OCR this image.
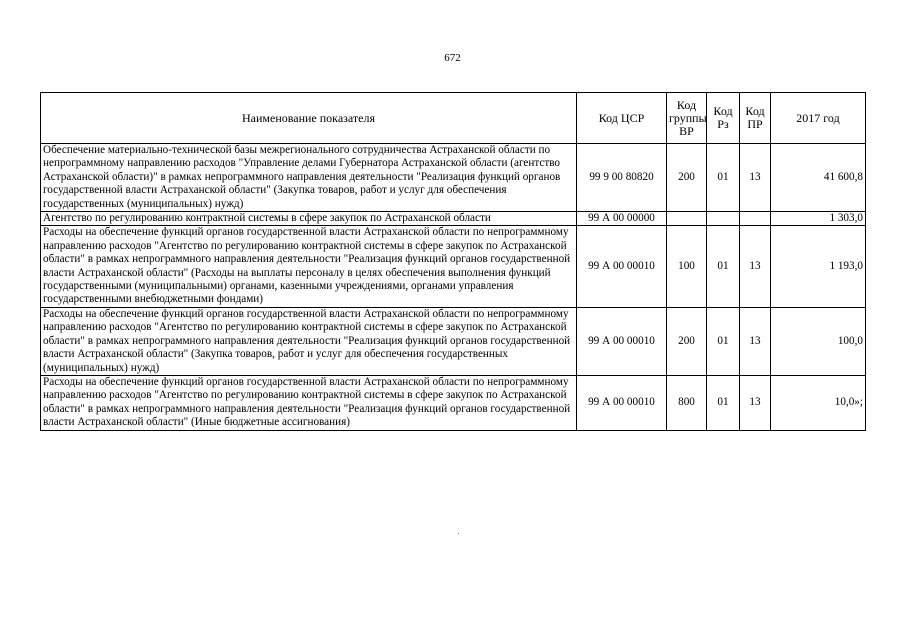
672
Наименование показателя	Код ЦСР	Код группы ВР	Код Рз	Код ПР	2017 год
Обеспечение материально-технической базы межрегионального сотрудничества Астраханской области по непрограммному направлению расходов "Управление делами Губернатора Астраханской области (агентство Астраханской области)" в рамках непрограммного направления деятельности "Реализация функций органов государственной власти Астраханской области" (Закупка товаров, работ и услуг для обеспечения государственных (муниципальных) нужд)	99 9 00 80820	200	01	13	41 600,8
Агентство по регулированию контрактной системы в сфере закупок по Астраханской области	99 А 00 00000				1 303,0
Расходы на обеспечение функций органов государственной власти Астраханской области по непрограммному направлению расходов "Агентство по регулированию контрактной системы в сфере закупок по Астраханской области" в рамках непрограммного направления деятельности "Реализация функций органов государственной власти Астраханской области" (Расходы на выплаты персоналу в целях обеспечения выполнения функций государственными (муниципальными) органами, казенными учреждениями, органами управления государственными внебюджетными фондами)	99 А 00 00010	100	01	13	1 193,0
Расходы на обеспечение функций органов государственной власти Астраханской области по непрограммному направлению расходов "Агентство по регулированию контрактной системы в сфере закупок по Астраханской области" в рамках непрограммного направления деятельности "Реализация функций органов государственной власти Астраханской области" (Закупка товаров, работ и услуг для обеспечения государственных (муниципальных) нужд)	99 А 00 00010	200	01	13	100,0
Расходы на обеспечение функций органов государственной власти Астраханской области по непрограммному направлению расходов "Агентство по регулированию контрактной системы в сфере закупок по Астраханской области" в рамках непрограммного направления деятельности "Реализация функций органов государственной власти Астраханской области" (Иные бюджетные ассигнования)	99 А 00 00010	800	01	13	10,0»;
